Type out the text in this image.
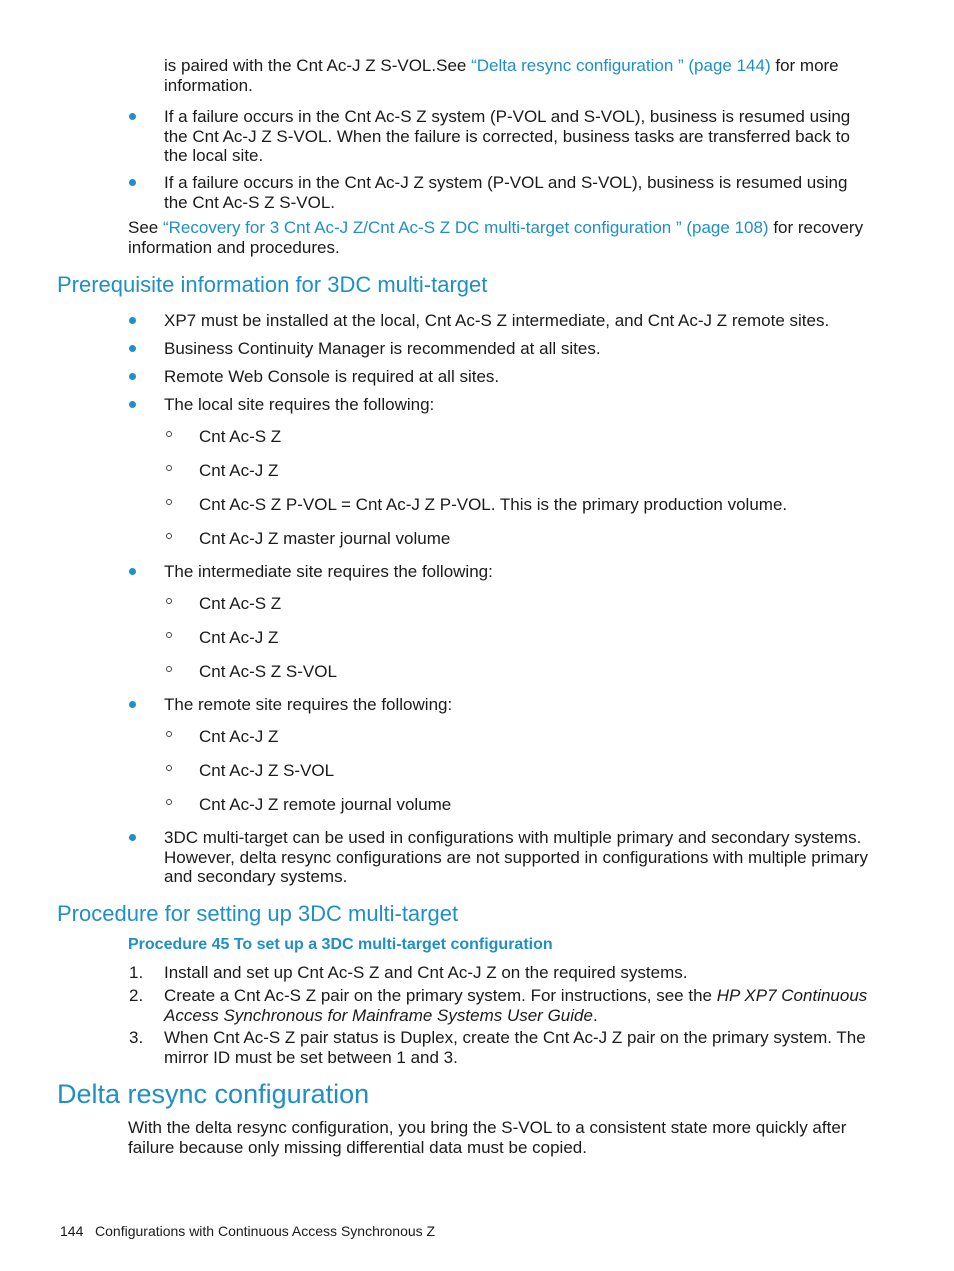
is paired with the Cnt Ac-J Z S-VOL.See “Delta resync configuration ” (page 144) for more information.
If a failure occurs in the Cnt Ac-S Z system (P-VOL and S-VOL), business is resumed using the Cnt Ac-J Z S-VOL. When the failure is corrected, business tasks are transferred back to the local site.
If a failure occurs in the Cnt Ac-J Z system (P-VOL and S-VOL), business is resumed using the Cnt Ac-S Z S-VOL.
See “Recovery for 3 Cnt Ac-J Z/Cnt Ac-S Z DC multi-target configuration ” (page 108) for recovery information and procedures.
Prerequisite information for 3DC multi-target
XP7 must be installed at the local, Cnt Ac-S Z intermediate, and Cnt Ac-J Z remote sites.
Business Continuity Manager is recommended at all sites.
Remote Web Console is required at all sites.
The local site requires the following:
Cnt Ac-S Z
Cnt Ac-J Z
Cnt Ac-S Z P-VOL = Cnt Ac-J Z P-VOL. This is the primary production volume.
Cnt Ac-J Z master journal volume
The intermediate site requires the following:
Cnt Ac-S Z
Cnt Ac-J Z
Cnt Ac-S Z S-VOL
The remote site requires the following:
Cnt Ac-J Z
Cnt Ac-J Z S-VOL
Cnt Ac-J Z remote journal volume
3DC multi-target can be used in configurations with multiple primary and secondary systems. However, delta resync configurations are not supported in configurations with multiple primary and secondary systems.
Procedure for setting up 3DC multi-target
Procedure 45 To set up a 3DC multi-target configuration
1. Install and set up Cnt Ac-S Z and Cnt Ac-J Z on the required systems.
2. Create a Cnt Ac-S Z pair on the primary system. For instructions, see the HP XP7 Continuous Access Synchronous for Mainframe Systems User Guide.
3. When Cnt Ac-S Z pair status is Duplex, create the Cnt Ac-J Z pair on the primary system. The mirror ID must be set between 1 and 3.
Delta resync configuration
With the delta resync configuration, you bring the S-VOL to a consistent state more quickly after failure because only missing differential data must be copied.
144 Configurations with Continuous Access Synchronous Z
